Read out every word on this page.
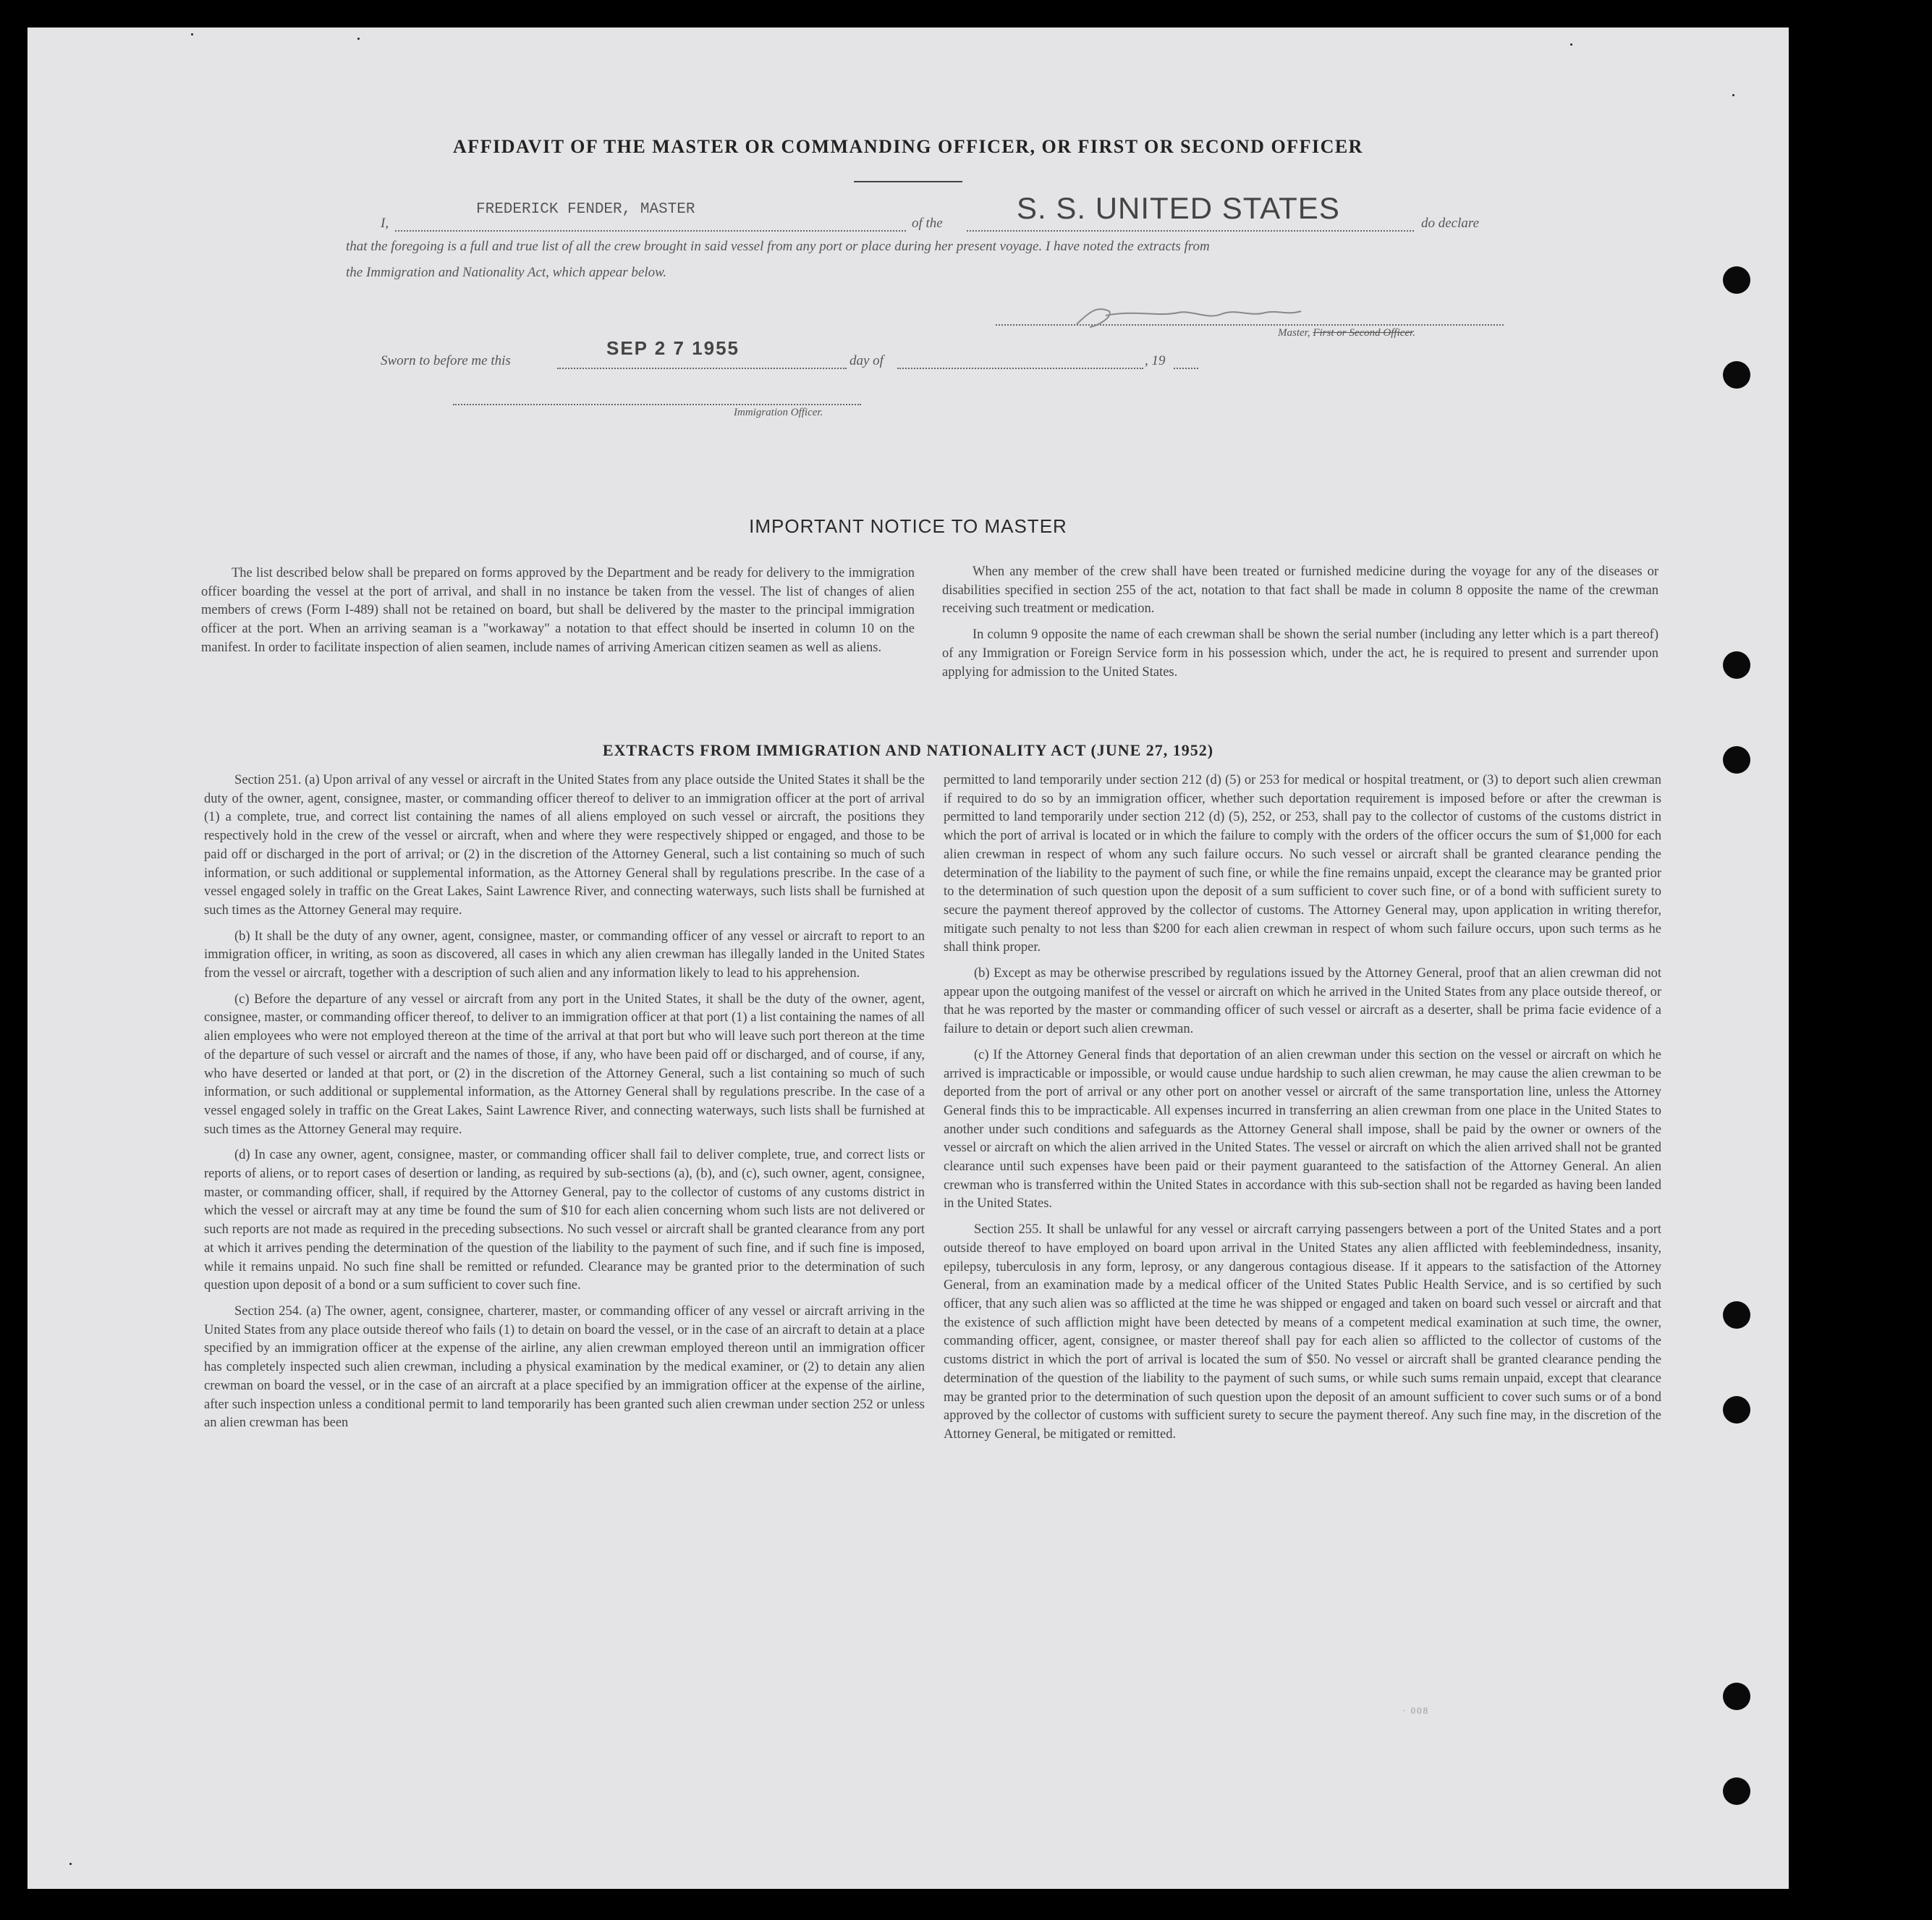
AFFIDAVIT OF THE MASTER OR COMMANDING OFFICER, OR FIRST OR SECOND OFFICER
I,
FREDERICK FENDER, MASTER
of the S. S. UNITED STATES	do declare
that the foregoing is a full and true list of all the crew brought in said vessel from any port or place during her present voyage. I have noted the extracts from
the Immigration and Nationality Act, which appear below.
Master, First or Second Officer.
Sworn to before me this
SEP 2 7 1955
day of	, 19
Immigration Officer.
IMPORTANT NOTICE TO MASTER

The list described below shall be prepared on forms approved by the Department and be ready for delivery to the immigration officer boarding the vessel at the port of arrival, and shall in no instance be taken from the vessel. The list of changes of alien members of crews (Form I-489) shall not be retained on board, but shall be delivered by the master to the principal immigration officer at the port. When an arriving seaman is a "workaway" a notation to that effect should be inserted in column 10 on the manifest. In order to facilitate inspection of alien seamen, include names of arriving American citizen seamen as well as aliens.

When any member of the crew shall have been treated or furnished medicine during the voyage for any of the diseases or disabilities specified in section 255 of the act, notation to that fact shall be made in column 8 opposite the name of the crewman receiving such treatment or medication.

In column 9 opposite the name of each crewman shall be shown the serial number (including any letter which is a part thereof) of any Immigration or Foreign Service form in his possession which, under the act, he is required to present and surrender upon applying for admission to the United States.

EXTRACTS FROM IMMIGRATION AND NATIONALITY ACT (JUNE 27, 1952)

Section 251. (a) Upon arrival of any vessel or aircraft in the United States from any place outside the United States it shall be the duty of the owner, agent, consignee, master, or commanding officer thereof to deliver to an immigration officer at the port of arrival (1) a complete, true, and correct list containing the names of all aliens employed on such vessel or aircraft, the positions they respectively hold in the crew of the vessel or aircraft, when and where they were respectively shipped or engaged, and those to be paid off or discharged in the port of arrival; or (2) in the discretion of the Attorney General, such a list containing so much of such information, or such additional or supplemental information, as the Attorney General shall by regulations prescribe. In the case of a vessel engaged solely in traffic on the Great Lakes, Saint Lawrence River, and connecting waterways, such lists shall be furnished at such times as the Attorney General may require.

(b) It shall be the duty of any owner, agent, consignee, master, or commanding officer of any vessel or aircraft to report to an immigration officer, in writing, as soon as discovered, all cases in which any alien crewman has illegally landed in the United States from the vessel or aircraft, together with a description of such alien and any information likely to lead to his apprehension.

(c) Before the departure of any vessel or aircraft from any port in the United States, it shall be the duty of the owner, agent, consignee, master, or commanding officer thereof, to deliver to an immigration officer at that port (1) a list containing the names of all alien employees who were not employed thereon at the time of the arrival at that port but who will leave such port thereon at the time of the departure of such vessel or aircraft and the names of those, if any, who have been paid off or discharged, and of course, if any, who have deserted or landed at that port, or (2) in the discretion of the Attorney General, such a list containing so much of such information, or such additional or supplemental information, as the Attorney General shall by regulations prescribe. In the case of a vessel engaged solely in traffic on the Great Lakes, Saint Lawrence River, and connecting waterways, such lists shall be furnished at such times as the Attorney General may require.

(d) In case any owner, agent, consignee, master, or commanding officer shall fail to deliver complete, true, and correct lists or reports of aliens, or to report cases of desertion or landing, as required by sub-sections (a), (b), and (c), such owner, agent, consignee, master, or commanding officer, shall, if required by the Attorney General, pay to the collector of customs of any customs district in which the vessel or aircraft may at any time be found the sum of $10 for each alien concerning whom such lists are not delivered or such reports are not made as required in the preceding subsections. No such vessel or aircraft shall be granted clearance from any port at which it arrives pending the determination of the question of the liability to the payment of such fine, and if such fine is imposed, while it remains unpaid. No such fine shall be remitted or refunded. Clearance may be granted prior to the determination of such question upon deposit of a bond or a sum sufficient to cover such fine.

Section 254. (a) The owner, agent, consignee, charterer, master, or commanding officer of any vessel or aircraft arriving in the United States from any place outside thereof who fails (1) to detain on board the vessel, or in the case of an aircraft to detain at a place specified by an immigration officer at the expense of the airline, any alien crewman employed thereon until an immigration officer has completely inspected such alien crewman, including a physical examination by the medical examiner, or (2) to detain any alien crewman on board the vessel, or in the case of an aircraft at a place specified by an immigration officer at the expense of the airline, after such inspection unless a conditional permit to land temporarily has been granted such alien crewman under section 252 or unless an alien crewman has been

permitted to land temporarily under section 212 (d) (5) or 253 for medical or hospital treatment, or (3) to deport such alien crewman if required to do so by an immigration officer, whether such deportation requirement is imposed before or after the crewman is permitted to land temporarily under section 212 (d) (5), 252, or 253, shall pay to the collector of customs of the customs district in which the port of arrival is located or in which the failure to comply with the orders of the officer occurs the sum of $1,000 for each alien crewman in respect of whom any such failure occurs. No such vessel or aircraft shall be granted clearance pending the determination of the liability to the payment of such fine, or while the fine remains unpaid, except the clearance may be granted prior to the determination of such question upon the deposit of a sum sufficient to cover such fine, or of a bond with sufficient surety to secure the payment thereof approved by the collector of customs. The Attorney General may, upon application in writing therefor, mitigate such penalty to not less than $200 for each alien crewman in respect of whom such failure occurs, upon such terms as he shall think proper.

(b) Except as may be otherwise prescribed by regulations issued by the Attorney General, proof that an alien crewman did not appear upon the outgoing manifest of the vessel or aircraft on which he arrived in the United States from any place outside thereof, or that he was reported by the master or commanding officer of such vessel or aircraft as a deserter, shall be prima facie evidence of a failure to detain or deport such alien crewman.

(c) If the Attorney General finds that deportation of an alien crewman under this section on the vessel or aircraft on which he arrived is impracticable or impossible, or would cause undue hardship to such alien crewman, he may cause the alien crewman to be deported from the port of arrival or any other port on another vessel or aircraft of the same transportation line, unless the Attorney General finds this to be impracticable. All expenses incurred in transferring an alien crewman from one place in the United States to another under such conditions and safeguards as the Attorney General shall impose, shall be paid by the owner or owners of the vessel or aircraft on which the alien arrived in the United States. The vessel or aircraft on which the alien arrived shall not be granted clearance until such expenses have been paid or their payment guaranteed to the satisfaction of the Attorney General. An alien crewman who is transferred within the United States in accordance with this sub-section shall not be regarded as having been landed in the United States.

Section 255. It shall be unlawful for any vessel or aircraft carrying passengers between a port of the United States and a port outside thereof to have employed on board upon arrival in the United States any alien afflicted with feeblemindedness, insanity, epilepsy, tuberculosis in any form, leprosy, or any dangerous contagious disease. If it appears to the satisfaction of the Attorney General, from an examination made by a medical officer of the United States Public Health Service, and is so certified by such officer, that any such alien was so afflicted at the time he was shipped or engaged and taken on board such vessel or aircraft and that the existence of such affliction might have been detected by means of a competent medical examination at such time, the owner, commanding officer, agent, consignee, or master thereof shall pay for each alien so afflicted to the collector of customs of the customs district in which the port of arrival is located the sum of $50. No vessel or aircraft shall be granted clearance pending the determination of the question of the liability to the payment of such sums, or while such sums remain unpaid, except that clearance may be granted prior to the determination of such question upon the deposit of an amount sufficient to cover such sums or of a bond approved by the collector of customs with sufficient surety to secure the payment thereof. Any such fine may, in the discretion of the Attorney General, be mitigated or remitted.

· 008
